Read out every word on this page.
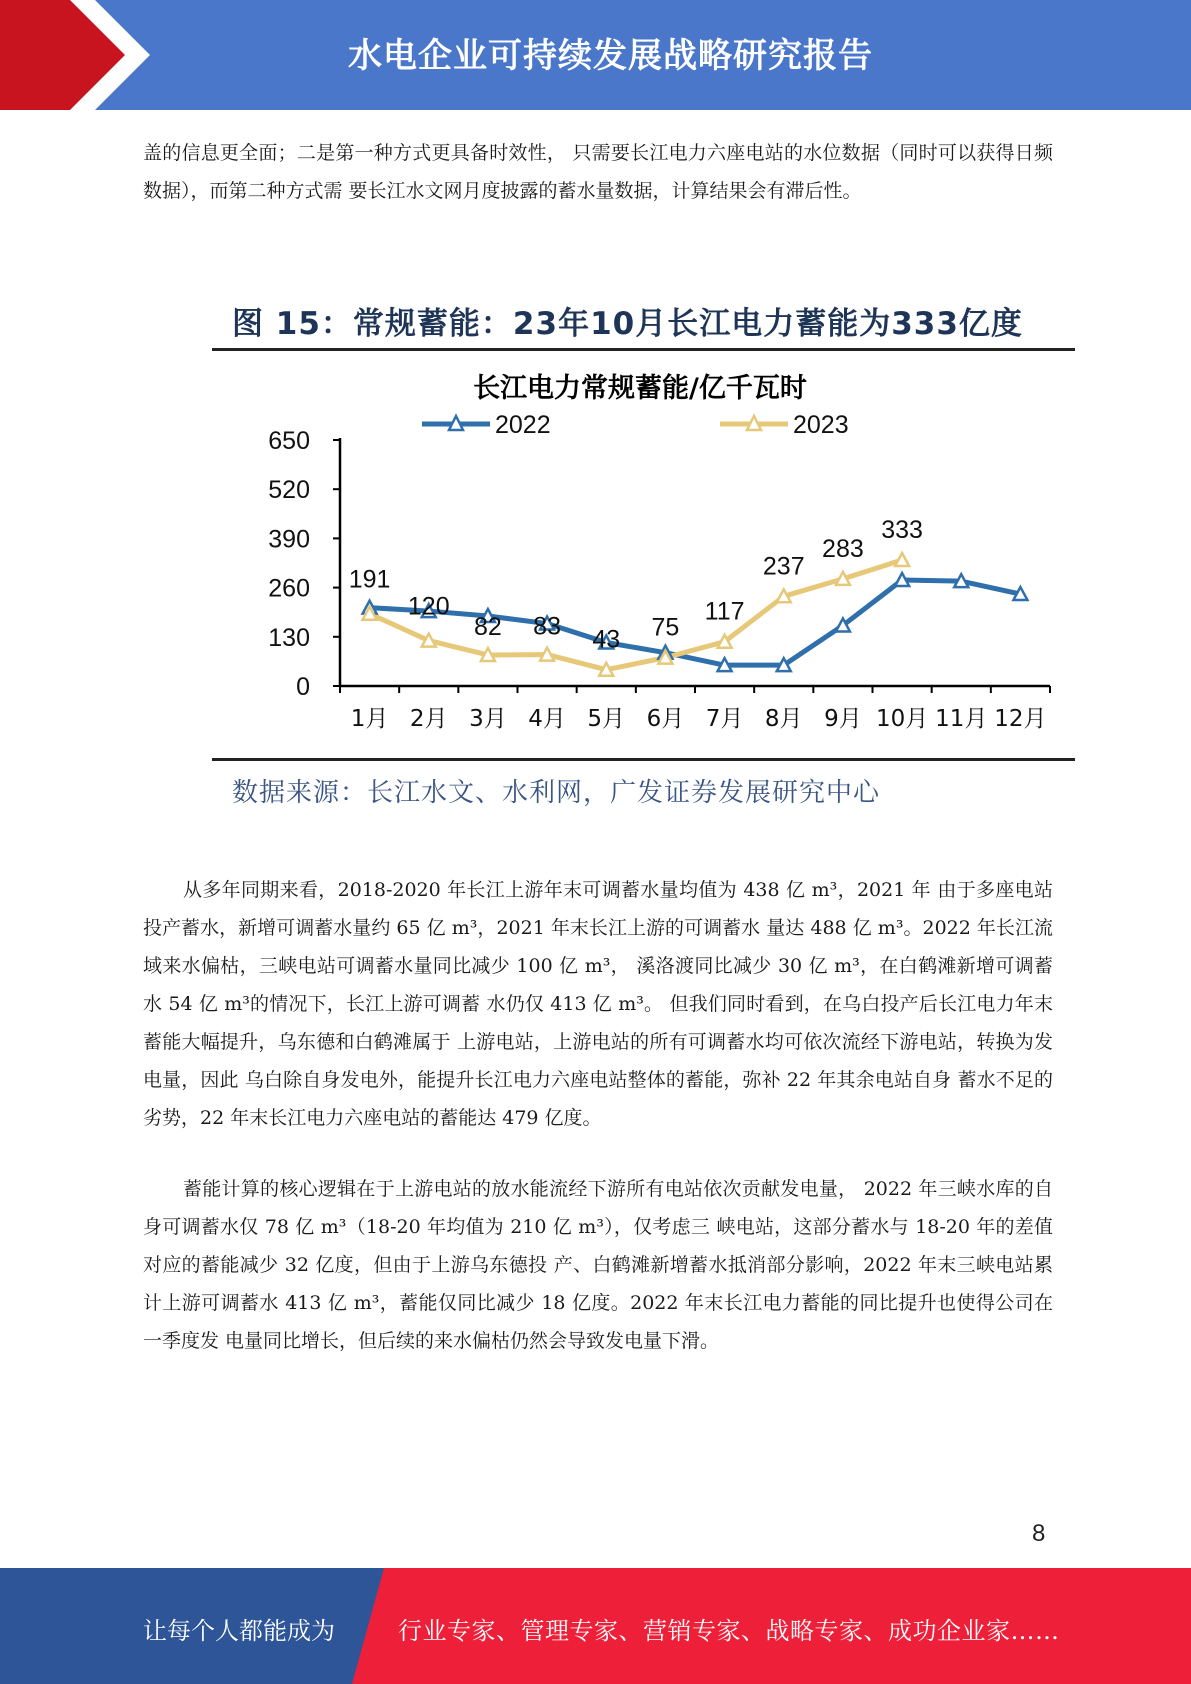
水电企业可持续发展战略研究报告

盖的信息更全面；二是第一种方式更具备时效性， 只需要长江电力六座电站的水位数据（同时可以获得日频数据），而第二种方式需 要长江水文网月度披露的蓄水量数据，计算结果会有滞后性。

图 15：常规蓄能：23年10月长江电力蓄能为333亿度
长江电力常规蓄能/亿千瓦时
2022	2023
0
130
260
390
520
650
1月 2月 3月 4月 5月 6月 7月 8月 9月 10月 11月 12月
191
120
82 83 43 75
117
237
283
333
数据来源：长江水文、水利网，广发证券发展研究中心

从多年同期来看，2018-2020 年长江上游年末可调蓄水量均值为 438 亿 m³，2021 年 由于多座电站投产蓄水，新增可调蓄水量约 65 亿 m³，2021 年末长江上游的可调蓄水 量达 488 亿 m³。2022 年长江流域来水偏枯，三峡电站可调蓄水量同比减少 100 亿 m³， 溪洛渡同比减少 30 亿 m³，在白鹤滩新增可调蓄水 54 亿 m³的情况下，长江上游可调蓄 水仍仅 413 亿 m³。 但我们同时看到，在乌白投产后长江电力年末蓄能大幅提升，乌东德和白鹤滩属于 上游电站，上游电站的所有可调蓄水均可依次流经下游电站，转换为发电量，因此 乌白除自身发电外，能提升长江电力六座电站整体的蓄能，弥补 22 年其余电站自身 蓄水不足的劣势，22 年末长江电力六座电站的蓄能达 479 亿度。

蓄能计算的核心逻辑在于上游电站的放水能流经下游所有电站依次贡献发电量， 2022 年三峡水库的自身可调蓄水仅 78 亿 m³（18-20 年均值为 210 亿 m³），仅考虑三 峡电站，这部分蓄水与 18-20 年的差值对应的蓄能减少 32 亿度，但由于上游乌东德投 产、白鹤滩新增蓄水抵消部分影响，2022 年末三峡电站累计上游可调蓄水 413 亿 m³，蓄能仅同比减少 18 亿度。2022 年末长江电力蓄能的同比提升也使得公司在一季度发 电量同比增长，但后续的来水偏枯仍然会导致发电量下滑。

8
让每个人都能成为	行业专家、管理专家、营销专家、战略专家、成功企业家……
